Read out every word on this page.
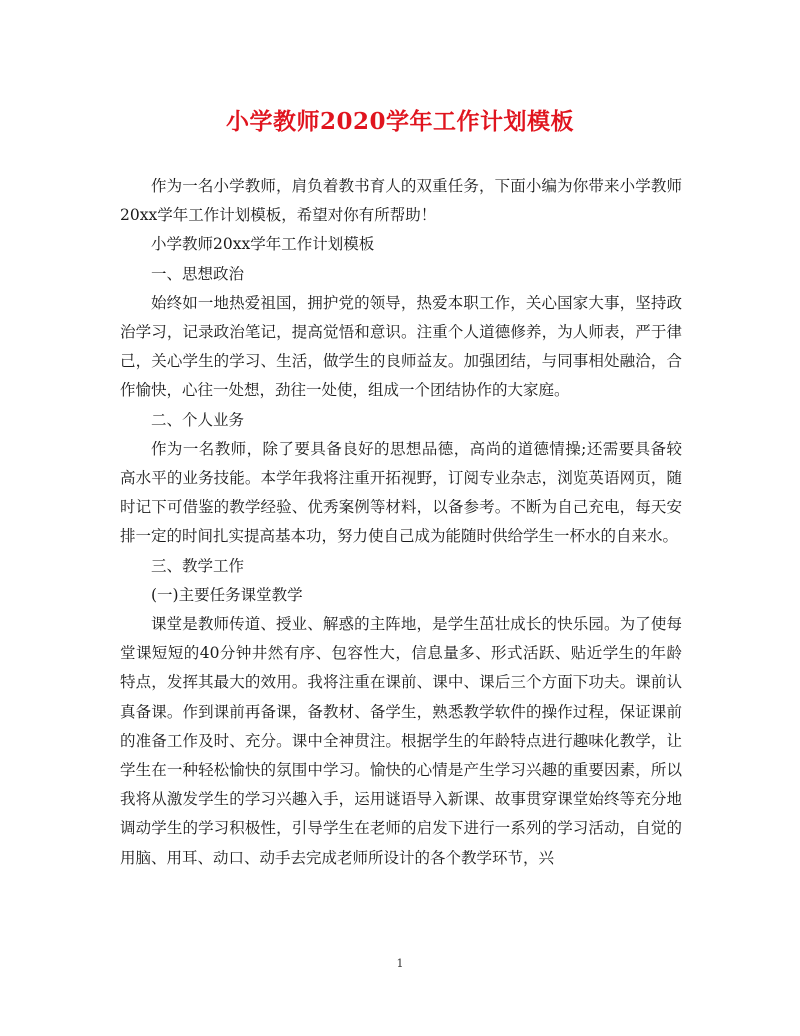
小学教师2020学年工作计划模板

作为一名小学教师，肩负着教书育人的双重任务，下面小编为你带来小学教师20xx学年工作计划模板，希望对你有所帮助！

小学教师20xx学年工作计划模板

一、思想政治

始终如一地热爱祖国，拥护党的领导，热爱本职工作，关心国家大事，坚持政治学习，记录政治笔记，提高觉悟和意识。注重个人道德修养，为人师表，严于律己，关心学生的学习、生活，做学生的良师益友。加强团结，与同事相处融洽，合作愉快，心往一处想，劲往一处使，组成一个团结协作的大家庭。

二、个人业务

作为一名教师，除了要具备良好的思想品德，高尚的道德情操;还需要具备较高水平的业务技能。本学年我将注重开拓视野，订阅专业杂志，浏览英语网页，随时记下可借鉴的教学经验、优秀案例等材料，以备参考。不断为自己充电，每天安排一定的时间扎实提高基本功，努力使自己成为能随时供给学生一杯水的自来水。

三、教学工作

(一)主要任务课堂教学

课堂是教师传道、授业、解惑的主阵地，是学生茁壮成长的快乐园。为了使每堂课短短的40分钟井然有序、包容性大，信息量多、形式活跃、贴近学生的年龄特点，发挥其最大的效用。我将注重在课前、课中、课后三个方面下功夫。课前认真备课。作到课前再备课，备教材、备学生，熟悉教学软件的操作过程，保证课前的准备工作及时、充分。课中全神贯注。根据学生的年龄特点进行趣味化教学，让学生在一种轻松愉快的氛围中学习。愉快的心情是产生学习兴趣的重要因素，所以我将从激发学生的学习兴趣入手，运用谜语导入新课、故事贯穿课堂始终等充分地调动学生的学习积极性，引导学生在老师的启发下进行一系列的学习活动，自觉的用脑、用耳、动口、动手去完成老师所设计的各个教学环节，兴

1
